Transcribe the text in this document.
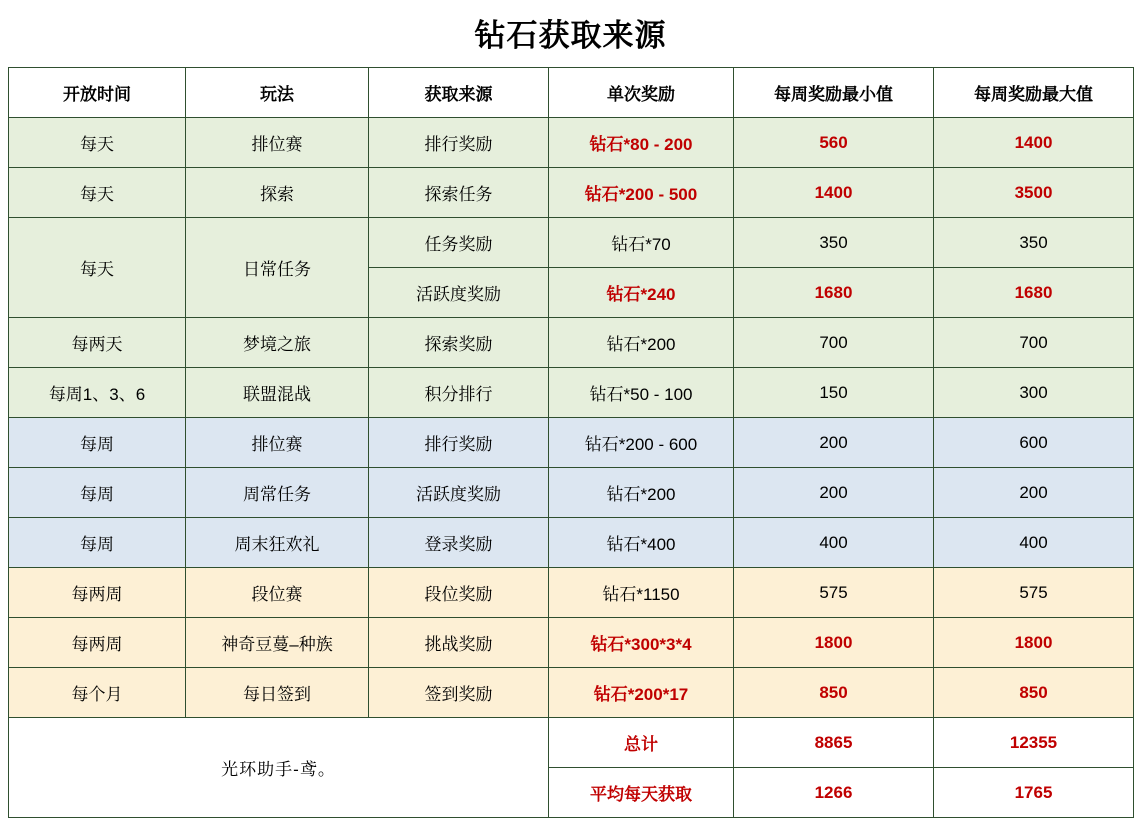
钻石获取来源
开放时间	玩法	获取来源	单次奖励	每周奖励最小值	每周奖励最大值
每天	排位赛	排行奖励	钻石*80 - 200	560	1400
每天	探索	探索任务	钻石*200 - 500	1400	3500
每天	日常任务	任务奖励	钻石*70	350	350
		活跃度奖励	钻石*240	1680	1680
每两天	梦境之旅	探索奖励	钻石*200	700	700
每周1、3、6	联盟混战	积分排行	钻石*50 - 100	150	300
每周	排位赛	排行奖励	钻石*200 - 600	200	600
每周	周常任务	活跃度奖励	钻石*200	200	200
每周	周末狂欢礼	登录奖励	钻石*400	400	400
每两周	段位赛	段位奖励	钻石*1150	575	575
每两周	神奇豆蔓–种族	挑战奖励	钻石*300*3*4	1800	1800
每个月	每日签到	签到奖励	钻石*200*17	850	850
光环助手-鸢。			总计	8865	12355
			平均每天获取	1266	1765
